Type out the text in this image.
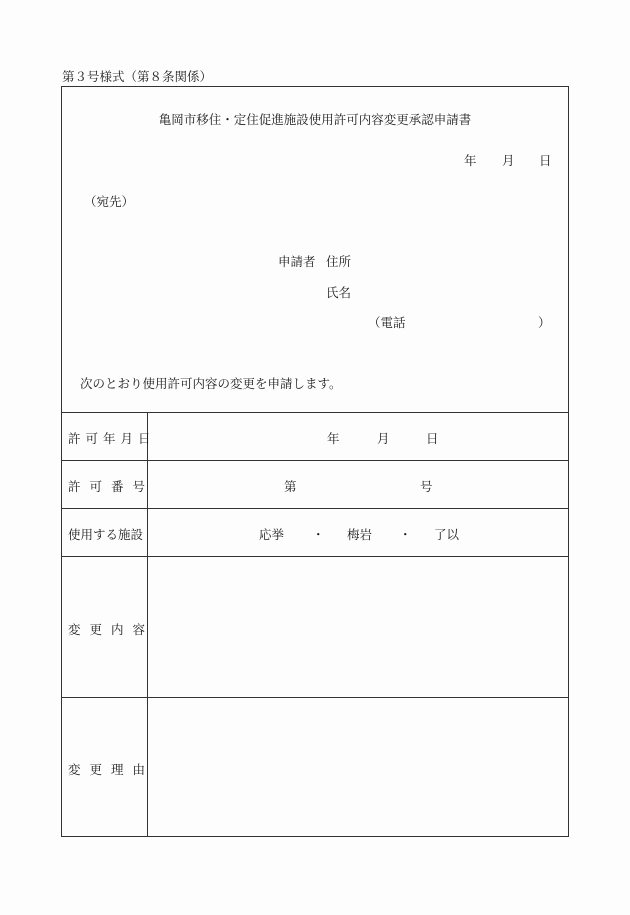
第３号様式（第８条関係）
亀岡市移住・定住促進施設使用許可内容変更承認申請書
年 月 日
（宛先）
申請者 住所
氏名
（電話	）
次のとおり使用許可内容の変更を申請します。
許可年月日	年	月	日
許可番号	第	号
使用する施設	応挙 ・ 梅岩 ・ 了以
変更内容
変更理由
